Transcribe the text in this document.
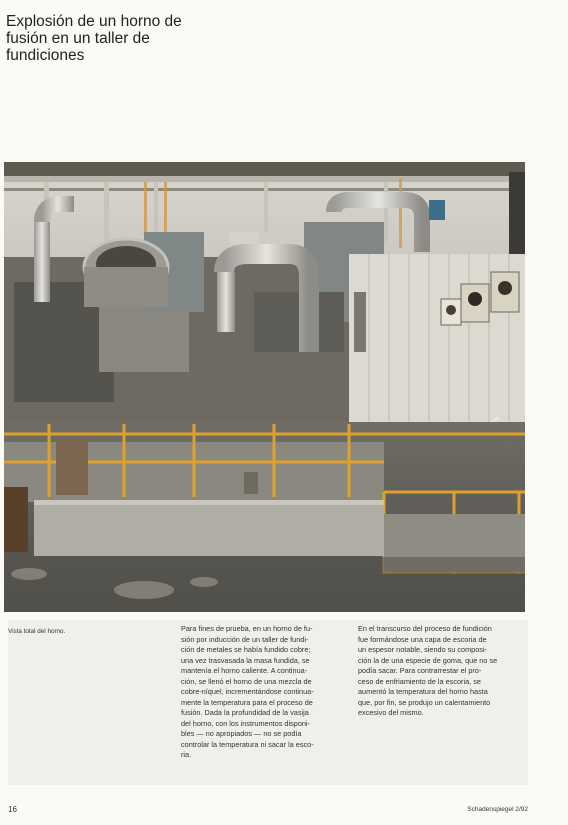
Explosión de un horno de fusión en un taller de fundiciones
Vista total del horno.	Para fines de prueba, en un horno de fu-
sión por inducción de un taller de fundi-
ción de metales se había fundido cobre;
una vez trasvasada la masa fundida, se
mantenía el horno caliente. A continua-
ción, se llenó el horno de una mezcla de
cobre-níquel, incrementándose continua-
mente la temperatura para el proceso de
fusión. Dada la profundidad de la vasija
del horno, con los instrumentos disponi-
bles — no apropiados — no se podía
controlar la temperatura ni sacar la esco-
ria.
En el transcurso del proceso de fundición
fue formándose una capa de escoria de
un espesor notable, siendo su composi-
ción la de una especie de goma, que no se
podía sacar. Para contrarrestar el pro-
ceso de enfriamiento de la escoria, se
aumentó la temperatura del horno hasta
que, por fin, se produjo un calentamiento
excesivo del mismo.
16	Schadenspiegel 2/92
